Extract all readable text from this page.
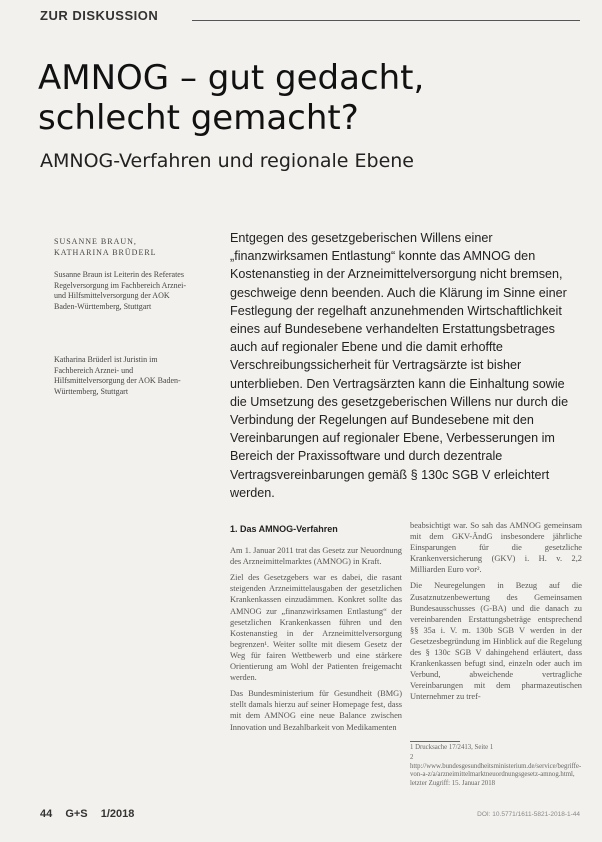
ZUR DISKUSSION
AMNOG – gut gedacht,
schlecht gemacht?
AMNOG-Verfahren und regionale Ebene
SUSANNE BRAUN,
KATHARINA BRÜDERL
Susanne Braun ist Leiterin des Referates Regelversorgung im Fachbereich Arznei- und Hilfsmittelversorgung der AOK Baden-Württemberg, Stuttgart
Katharina Brüderl ist Juristin im Fachbereich Arznei- und Hilfsmittelversorgung der AOK Baden-Württemberg, Stuttgart

Entgegen des gesetzgeberischen Willens einer „finanzwirksamen Entlastung“ konnte das AMNOG den Kostenanstieg in der Arzneimittelversorgung nicht bremsen, geschweige denn beenden. Auch die Klärung im Sinne einer Festlegung der regelhaft anzunehmenden Wirtschaftlichkeit eines auf Bundesebene verhandelten Erstattungsbetrages auch auf regionaler Ebene und die damit erhoffte Verschreibungssicherheit für Vertragsärzte ist bisher unterblieben. Den Vertragsärzten kann die Einhaltung sowie die Umsetzung des gesetzgeberischen Willens nur durch die Verbindung der Regelungen auf Bundesebene mit den Vereinbarungen auf regionaler Ebene, Verbesserungen im Bereich der Praxissoftware und durch dezentrale Vertragsvereinbarungen gemäß § 130c SGB V erleichtert werden.

1. Das AMNOG-Verfahren

Am 1. Januar 2011 trat das Gesetz zur Neuordnung des Arzneimittelmarktes (AMNOG) in Kraft.

Ziel des Gesetzgebers war es dabei, die rasant steigenden Arzneimittelausgaben der gesetzlichen Krankenkassen einzudämmen. Konkret sollte das AMNOG zur „finanzwirksamen Entlastung“ der gesetzlichen Krankenkassen führen und den Kostenanstieg in der Arzneimittelversorgung begrenzen¹. Weiter sollte mit diesem Gesetz der Weg für fairen Wettbewerb und eine stärkere Orientierung am Wohl der Patienten freigemacht werden.

Das Bundesministerium für Gesundheit (BMG) stellt damals hierzu auf seiner Homepage fest, dass mit dem AMNOG eine neue Balance zwischen Innovation und Bezahlbarkeit von Medikamenten

beabsichtigt war. So sah das AMNOG gemeinsam mit dem GKV-ÄndG insbesondere jährliche Einsparungen für die gesetzliche Krankenversicherung (GKV) i. H. v. 2,2 Milliarden Euro vor².

Die Neuregelungen in Bezug auf die Zusatznutzenbewertung des Gemeinsamen Bundesausschusses (G-BA) und die danach zu vereinbarenden Erstattungsbeträge entsprechend §§ 35a i. V. m. 130b SGB V werden in der Gesetzesbegründung im Hinblick auf die Regelung des § 130c SGB V dahingehend erläutert, dass Krankenkassen befugt sind, einzeln oder auch im Verbund, abweichende vertragliche Vereinbarungen mit dem pharmazeutischen Unternehmer zu tref-

1 Drucksache 17/2413, Seite 1
2 http://www.bundesgesundheitsministerium.de/service/begriffe-von-a-z/a/arzneimittelmarktneuordnungsgesetz-amnog.html, letzter Zugriff: 15. Januar 2018
44 G+S 1/2018	DOI: 10.5771/1611-5821-2018-1-44
